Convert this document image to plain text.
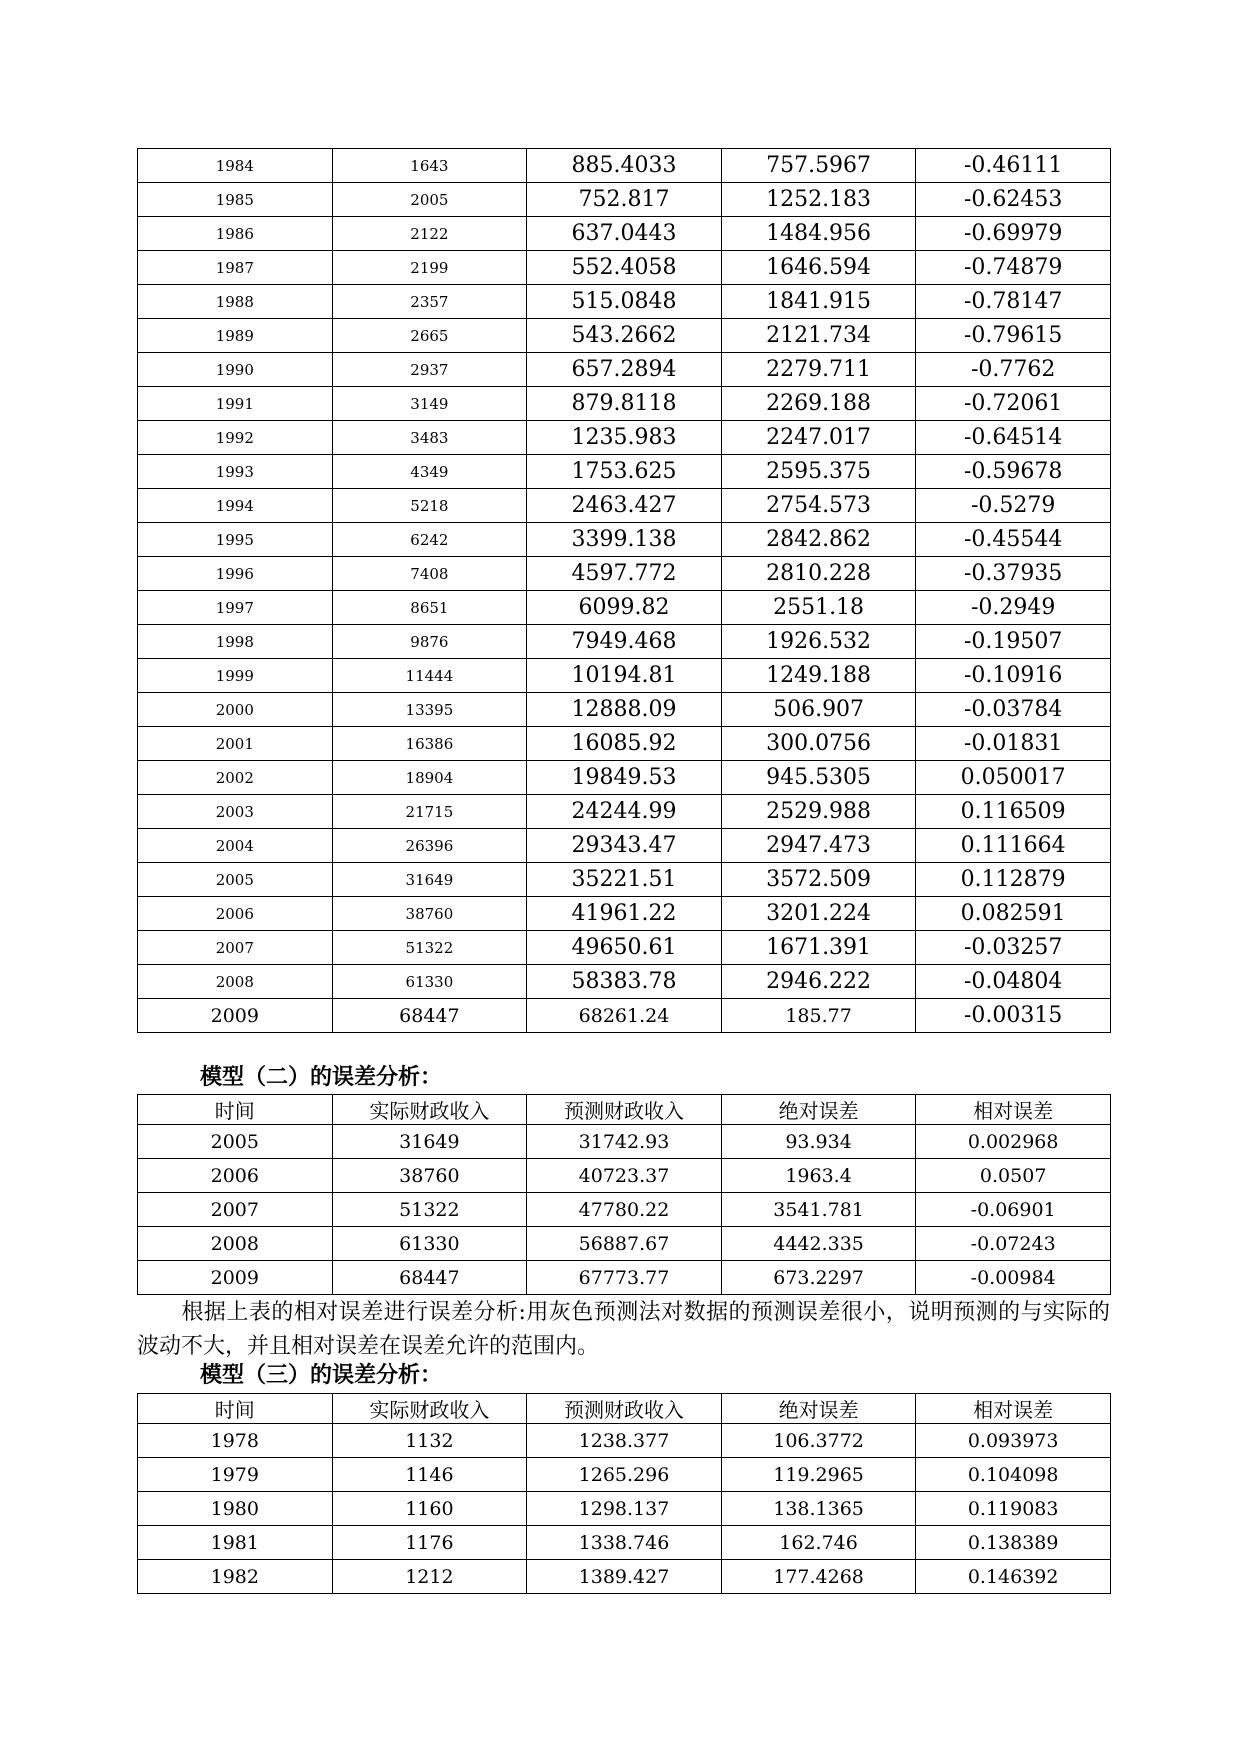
1984	1643	885.4033	757.5967	-0.46111
1985	2005	752.817	1252.183	-0.62453
1986	2122	637.0443	1484.956	-0.69979
1987	2199	552.4058	1646.594	-0.74879
1988	2357	515.0848	1841.915	-0.78147
1989	2665	543.2662	2121.734	-0.79615
1990	2937	657.2894	2279.711	-0.7762
1991	3149	879.8118	2269.188	-0.72061
1992	3483	1235.983	2247.017	-0.64514
1993	4349	1753.625	2595.375	-0.59678
1994	5218	2463.427	2754.573	-0.5279
1995	6242	3399.138	2842.862	-0.45544
1996	7408	4597.772	2810.228	-0.37935
1997	8651	6099.82	2551.18	-0.2949
1998	9876	7949.468	1926.532	-0.19507
1999	11444	10194.81	1249.188	-0.10916
2000	13395	12888.09	506.907	-0.03784
2001	16386	16085.92	300.0756	-0.01831
2002	18904	19849.53	945.5305	0.050017
2003	21715	24244.99	2529.988	0.116509
2004	26396	29343.47	2947.473	0.111664
2005	31649	35221.51	3572.509	0.112879
2006	38760	41961.22	3201.224	0.082591
2007	51322	49650.61	1671.391	-0.03257
2008	61330	58383.78	2946.222	-0.04804
2009	68447	68261.24	185.77	-0.00315

模型（二）的误差分析：

时间	实际财政收入	预测财政收入	绝对误差	相对误差
2005	31649	31742.93	93.934	0.002968
2006	38760	40723.37	1963.4	0.0507
2007	51322	47780.22	3541.781	-0.06901
2008	61330	56887.67	4442.335	-0.07243
2009	68447	67773.77	673.2297	-0.00984

根据上表的相对误差进行误差分析:用灰色预测法对数据的预测误差很小，说明预测的与实际的波动不大，并且相对误差在误差允许的范围内。

模型（三）的误差分析：

时间	实际财政收入	预测财政收入	绝对误差	相对误差
1978	1132	1238.377	106.3772	0.093973
1979	1146	1265.296	119.2965	0.104098
1980	1160	1298.137	138.1365	0.119083
1981	1176	1338.746	162.746	0.138389
1982	1212	1389.427	177.4268	0.146392
